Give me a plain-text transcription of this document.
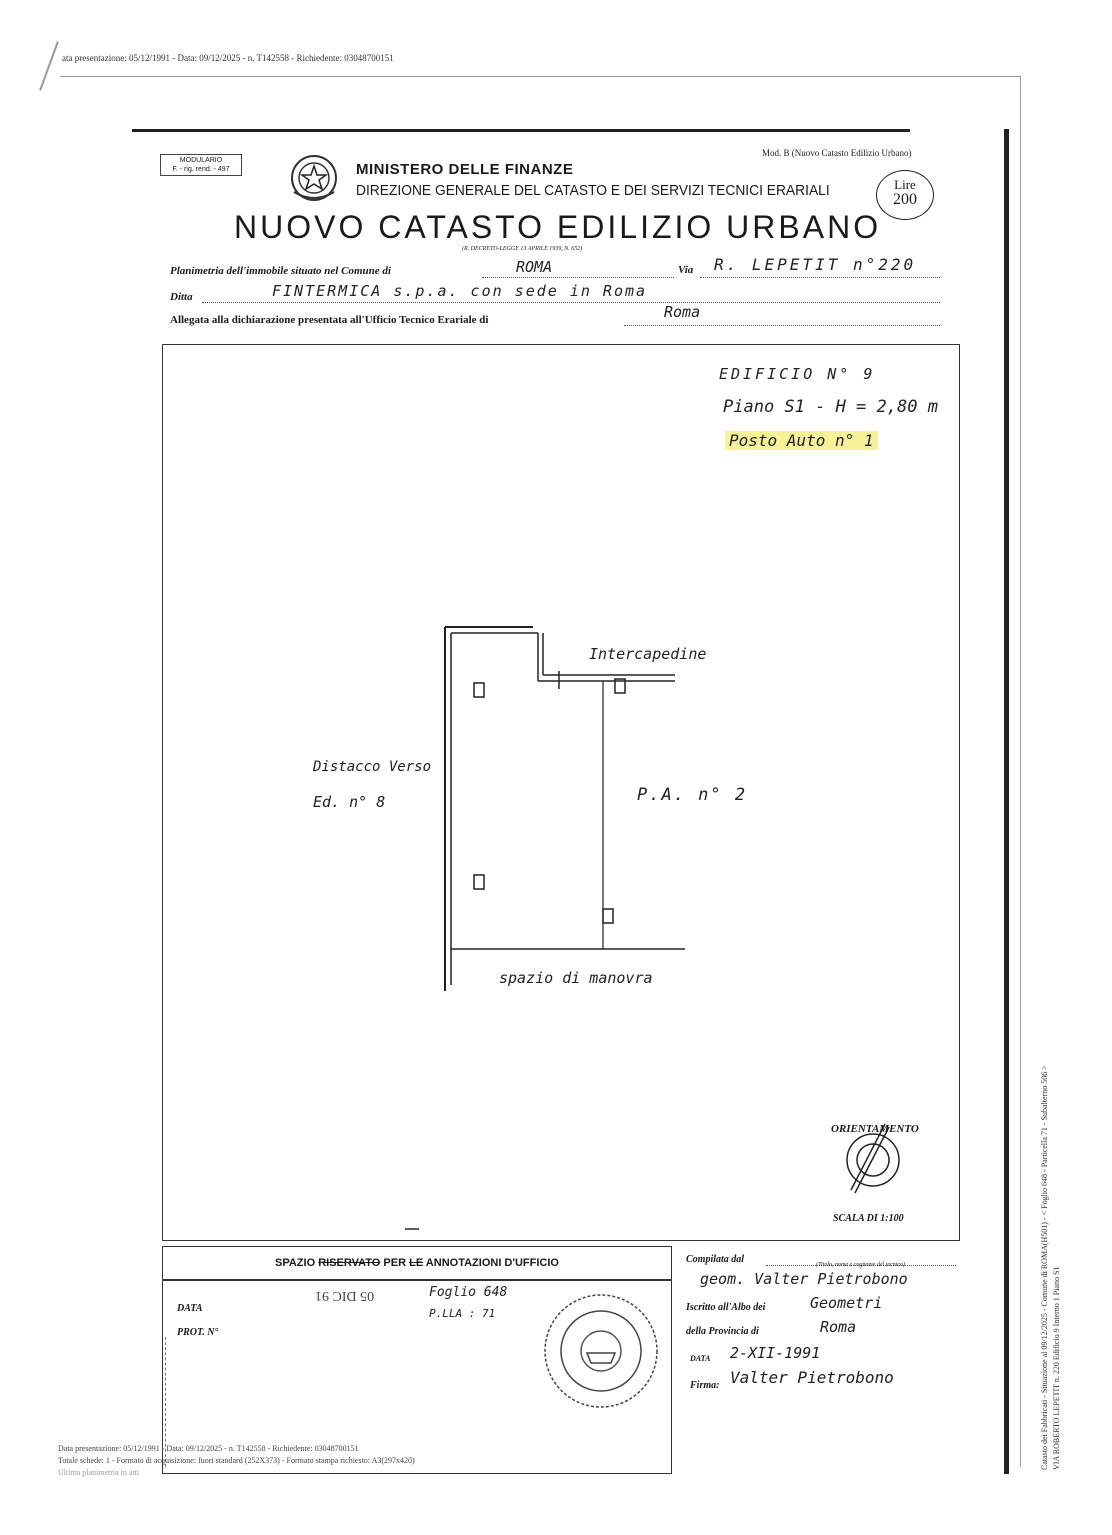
ata presentazione: 05/12/1991 - Data: 09/12/2025 - n. T142558 - Richiedente: 03048700151
MODULARIO
F. - rig. rend. - 497	MINISTERO DELLE FINANZE
DIREZIONE GENERALE DEL CATASTO E DEI SERVIZI TECNICI ERARIALI
NUOVO CATASTO EDILIZIO URBANO
(R. DECRETO-LEGGE 13 APRILE 1939, N. 652)
Mod. B (Nuovo Catasto Edilizio Urbano)
Lire
200
Planimetria dell'immobile situato nel Comune di	ROMA	Via R. LEPETIT n°220
Ditta	FINTERMICA s.p.a. con sede in Roma
Allegata alla dichiarazione presentata all'Ufficio Tecnico Erariale di	Roma
EDIFICIO N° 9
Piano S1 - H = 2,80 m
Posto Auto n° 1
Intercapedine
Distacco Verso
Ed. n° 8	P.A. n° 2
spazio di manovra
ORIENTAMENTO
SCALA DI 1:100
SPAZIO RISERVATO PER LE ANNOTAZIONI D'UFFICIO
DATA
PROT. N°
05 DIC 91	Foglio 648
P.LLA : 71
Compilata dal	(Titolo, nome e cognome del tecnico)
geom. Valter Pietrobono
Iscritto all'Albo dei	Geometri
della Provincia di	Roma
DATA 2-XII-1991
Firma: Valter Pietrobono
Data presentazione: 05/12/1991 - Data: 09/12/2025 - n. T142558 - Richiedente: 03048700151
Totale schede: 1 - Formato di acquisizione: fuori standard (252X373) - Formato stampa richiesto: A3(297x420)
Ultima planimetria in atti
Catasto dei Fabbricati - Situazione al 09/12/2025 - Comune di ROMA(H501) - < Foglio 648 - Particella 71 - Subalterno 506 > VIA ROBERTO LEPETIT n. 220 Edificio 9 Interno 1 Piano S1
